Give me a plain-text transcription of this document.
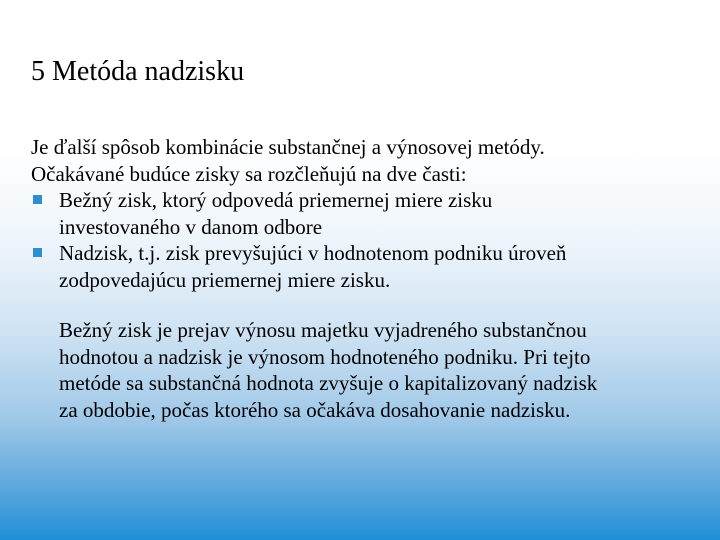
5 Metóda nadzisku

Je ďalší spôsob kombinácie substančnej a výnosovej metódy.

Očakávané budúce zisky sa rozčleňujú na dve časti:

Bežný zisk, ktorý odpovedá priemernej miere zisku
investovaného v danom odbore
Nadzisk, t.j. zisk prevyšujúci v hodnotenom podniku úroveň
zodpovedajúcu priemernej miere zisku.
Bežný zisk je prejav výnosu majetku vyjadreného substančnou
hodnotou a nadzisk je výnosom hodnoteného podniku. Pri tejto
metóde sa substančná hodnota zvyšuje o kapitalizovaný nadzisk
za obdobie, počas ktorého sa očakáva dosahovanie nadzisku.
